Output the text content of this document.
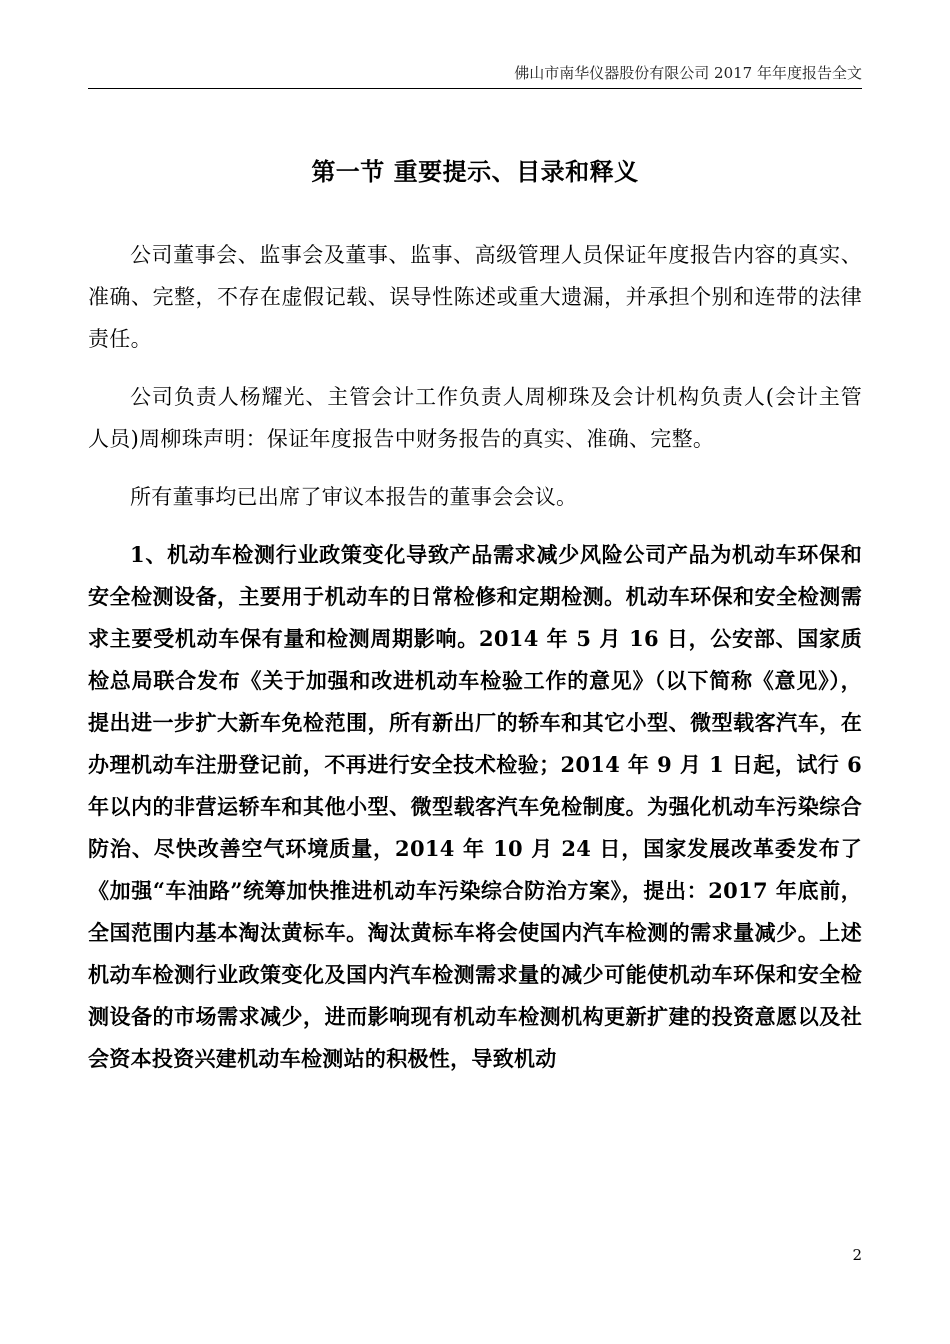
佛山市南华仪器股份有限公司 2017 年年度报告全文
第一节 重要提示、目录和释义

公司董事会、监事会及董事、监事、高级管理人员保证年度报告内容的真实、准确、完整，不存在虚假记载、误导性陈述或重大遗漏，并承担个别和连带的法律责任。

公司负责人杨耀光、主管会计工作负责人周柳珠及会计机构负责人(会计主管人员)周柳珠声明：保证年度报告中财务报告的真实、准确、完整。

所有董事均已出席了审议本报告的董事会会议。

1、机动车检测行业政策变化导致产品需求减少风险公司产品为机动车环保和安全检测设备，主要用于机动车的日常检修和定期检测。机动车环保和安全检测需求主要受机动车保有量和检测周期影响。2014 年 5 月 16 日，公安部、国家质检总局联合发布《关于加强和改进机动车检验工作的意见》（以下简称《意见》），提出进一步扩大新车免检范围，所有新出厂的轿车和其它小型、微型载客汽车，在办理机动车注册登记前，不再进行安全技术检验；2014 年 9 月 1 日起，试行 6 年以内的非营运轿车和其他小型、微型载客汽车免检制度。为强化机动车污染综合防治、尽快改善空气环境质量，2014 年 10 月 24 日，国家发展改革委发布了《加强“车油路”统筹加快推进机动车污染综合防治方案》，提出：2017 年底前，全国范围内基本淘汰黄标车。淘汰黄标车将会使国内汽车检测的需求量减少。上述机动车检测行业政策变化及国内汽车检测需求量的减少可能使机动车环保和安全检测设备的市场需求减少，进而影响现有机动车检测机构更新扩建的投资意愿以及社会资本投资兴建机动车检测站的积极性，导致机动

2
